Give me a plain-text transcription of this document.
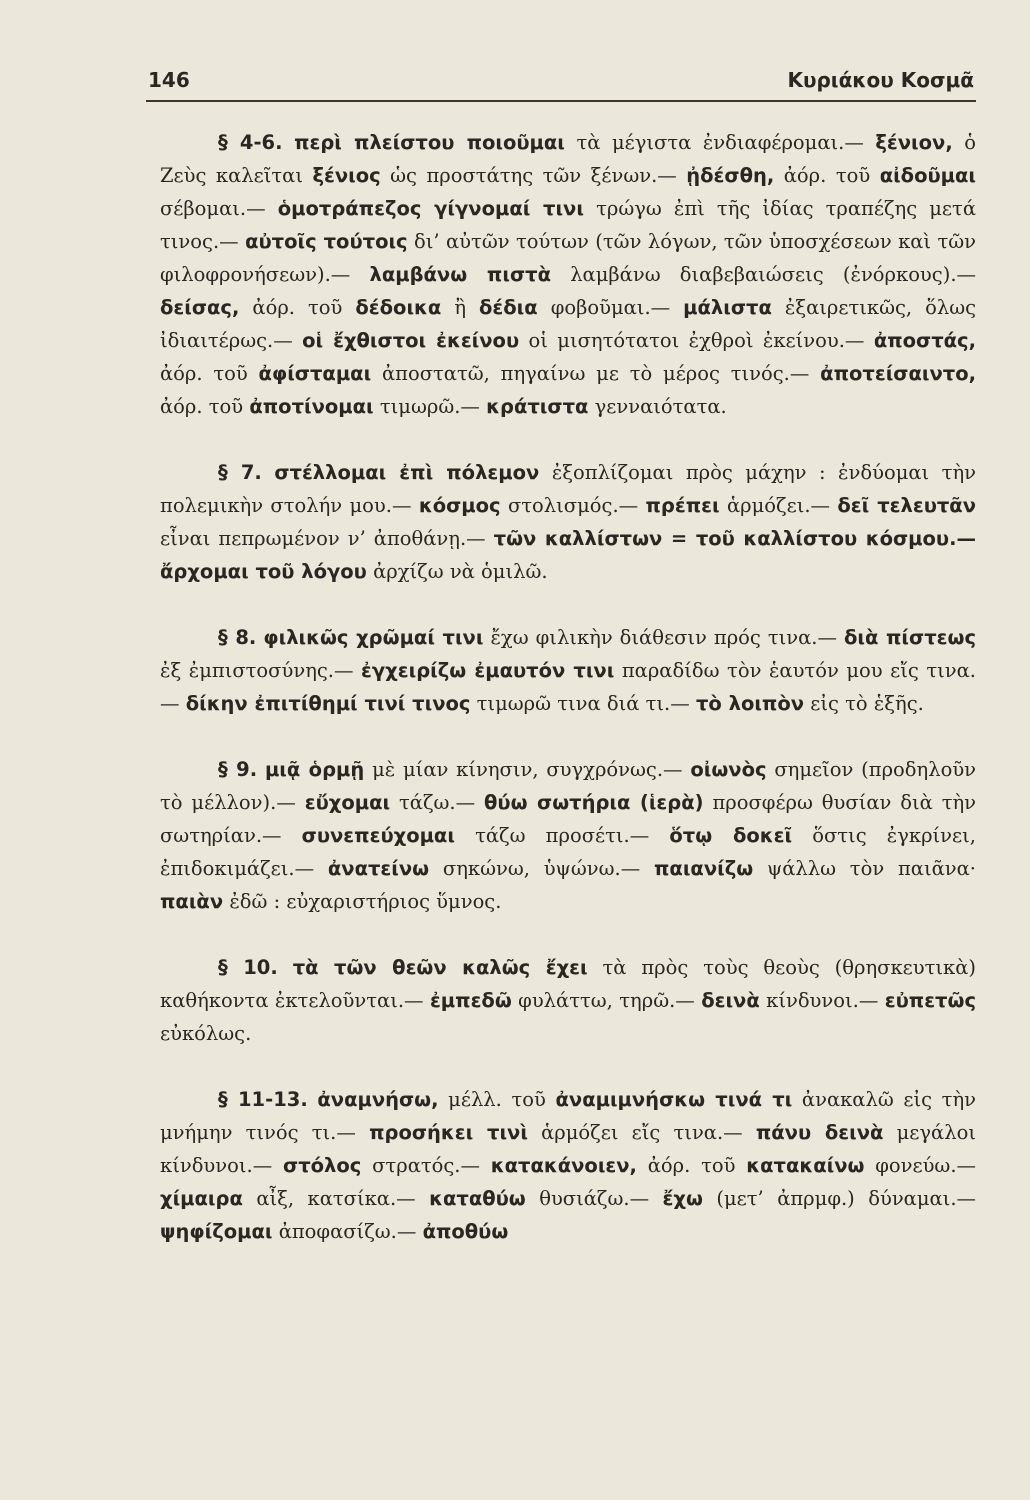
146	Κυριάκου Κοσμᾶ

§ 4-6. περὶ πλείστου ποιοῦμαι τὰ μέγιστα ἐνδιαφέρομαι.— ξένιον, ὁ Ζεὺς καλεῖται ξένιος ὡς προστάτης τῶν ξένων.— ᾐδέσθη, ἀόρ. τοῦ αἰδοῦμαι σέβομαι.— ὁμοτράπεζος γίγνομαί τινι τρώγω ἐπὶ τῆς ἰδίας τραπέζης μετά τινος.— αὐτοῖς τούτοις δι’ αὐτῶν τούτων (τῶν λόγων, τῶν ὑποσχέσεων καὶ τῶν φιλοφρονήσεων).— λαμβάνω πιστὰ λαμβάνω διαβεβαιώσεις (ἐνόρκους).— δείσας, ἀόρ. τοῦ δέδοικα ἢ δέδια φοβοῦμαι.— μάλιστα ἐξαιρετικῶς, ὅλως ἰδιαιτέρως.— οἱ ἔχθιστοι ἐκείνου οἱ μισητότατοι ἐχθροὶ ἐκείνου.— ἀποστάς, ἀόρ. τοῦ ἀφίσταμαι ἀποστατῶ, πηγαίνω με τὸ μέρος τινός.— ἀποτείσαιντο, ἀόρ. τοῦ ἀποτίνομαι τιμωρῶ.— κράτιστα γενναιότατα.

§ 7. στέλλομαι ἐπὶ πόλεμον ἐξοπλίζομαι πρὸς μάχην : ἐνδύομαι τὴν πολεμικὴν στολήν μου.— κόσμος στολισμός.— πρέπει ἁρμόζει.— δεῖ τελευτᾶν εἶναι πεπρωμένον ν’ ἀποθάνῃ.— τῶν καλλίστων = τοῦ καλλίστου κόσμου.— ἄρχομαι τοῦ λόγου ἀρχίζω νὰ ὁμιλῶ.

§ 8. φιλικῶς χρῶμαί τινι ἔχω φιλικὴν διάθεσιν πρός τινα.— διὰ πίστεως ἐξ ἐμπιστοσύνης.— ἐγχειρίζω ἐμαυτόν τινι παραδίδω τὸν ἑαυτόν μου εἴς τινα.— δίκην ἐπιτίθημί τινί τινος τιμωρῶ τινα διά τι.— τὸ λοιπὸν εἰς τὸ ἑξῆς.

§ 9. μιᾷ ὁρμῇ μὲ μίαν κίνησιν, συγχρόνως.— οἰωνὸς σημεῖον (προδηλοῦν τὸ μέλλον).— εὔχομαι τάζω.— θύω σωτήρια (ἱερὰ) προσφέρω θυσίαν διὰ τὴν σωτηρίαν.— συνεπεύχομαι τάζω προσέτι.— ὅτῳ δοκεῖ ὅστις ἐγκρίνει, ἐπιδοκιμάζει.— ἀνατείνω σηκώνω, ὑψώνω.— παιανίζω ψάλλω τὸν παιᾶνα· παιὰν ἐδῶ : εὐχαριστήριος ὕμνος.

§ 10. τὰ τῶν θεῶν καλῶς ἔχει τὰ πρὸς τοὺς θεοὺς (θρησκευτικὰ) καθήκοντα ἐκτελοῦνται.— ἐμπεδῶ φυλάττω, τηρῶ.— δεινὰ κίνδυνοι.— εὐπετῶς εὐκόλως.

§ 11-13. ἀναμνήσω, μέλλ. τοῦ ἀναμιμνήσκω τινά τι ἀνακαλῶ εἰς τὴν μνήμην τινός τι.— προσήκει τινὶ ἁρμόζει εἴς τινα.— πάνυ δεινὰ μεγάλοι κίνδυνοι.— στόλος στρατός.— κατακάνοιεν, ἀόρ. τοῦ κατακαίνω φονεύω.— χίμαιρα αἶξ, κατσίκα.— καταθύω θυσιάζω.— ἔχω (μετ’ ἀπρμφ.) δύναμαι.— ψηφίζομαι ἀποφασίζω.— ἀποθύω
